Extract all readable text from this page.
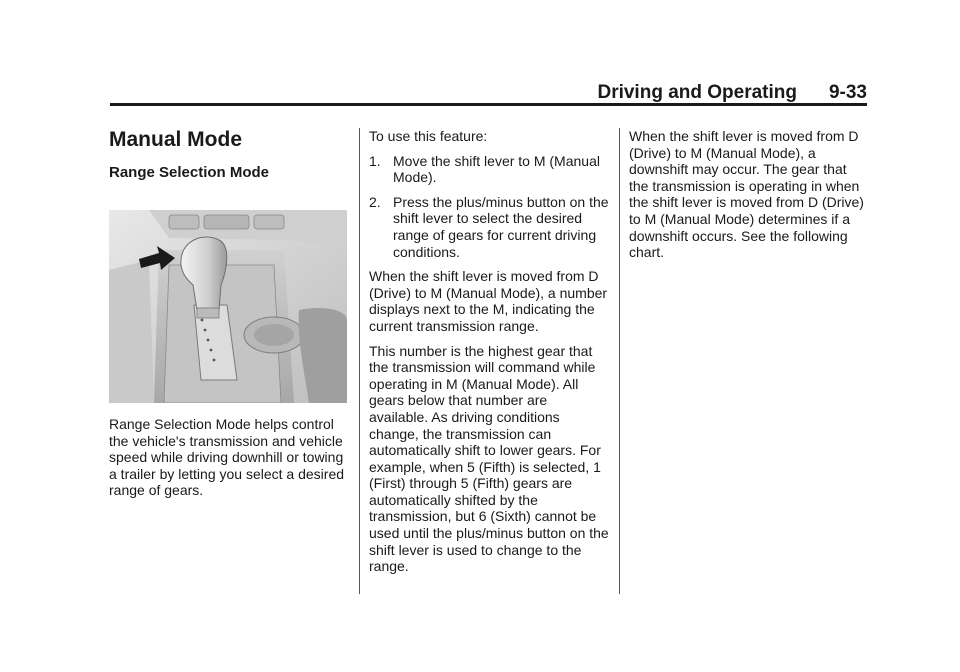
Driving and Operating 9-33
Manual Mode
Range Selection Mode

Range Selection Mode helps control the vehicle's transmission and vehicle speed while driving downhill or towing a trailer by letting you select a desired range of gears.

To use this feature:

1. Move the shift lever to M (Manual Mode).
2. Press the plus/minus button on the shift lever to select the desired range of gears for current driving conditions.

When the shift lever is moved from D (Drive) to M (Manual Mode), a number displays next to the M, indicating the current transmission range.

This number is the highest gear that the transmission will command while operating in M (Manual Mode). All gears below that number are available. As driving conditions change, the transmission can automatically shift to lower gears. For example, when 5 (Fifth) is selected, 1 (First) through 5 (Fifth) gears are automatically shifted by the transmission, but 6 (Sixth) cannot be used until the plus/minus button on the shift lever is used to change to the range.

When the shift lever is moved from D (Drive) to M (Manual Mode), a downshift may occur. The gear that the transmission is operating in when the shift lever is moved from D (Drive) to M (Manual Mode) determines if a downshift occurs. See the following chart.
